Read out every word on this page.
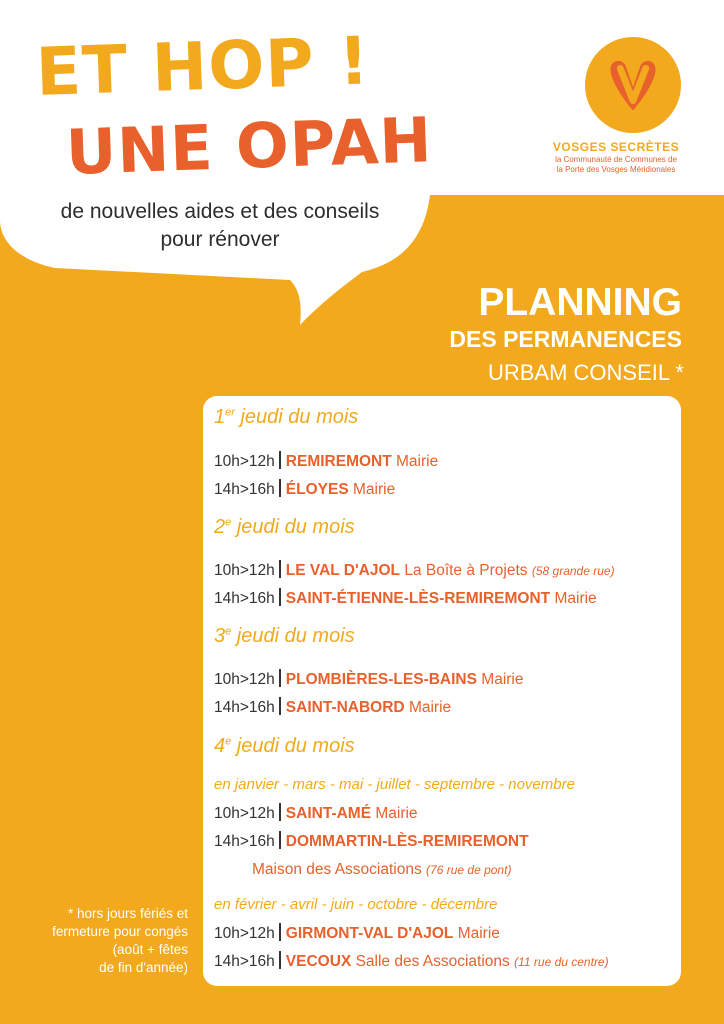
ET HOP !
UNE OPAH
de nouvelles aides et des conseils pour rénover
VOSGES SECRÈTES
la Communauté de Communes de
la Porte des Vosges Méridionales
PLANNING
DES PERMANENCES
URBAM CONSEIL *
1er jeudi du mois
10h>12h REMIREMONT Mairie
14h>16h ÉLOYES Mairie
2e jeudi du mois
10h>12h LE VAL D'AJOL La Boîte à Projets (58 grande rue)
14h>16h SAINT-ÉTIENNE-LÈS-REMIREMONT Mairie
3e jeudi du mois
10h>12h PLOMBIÈRES-LES-BAINS Mairie
14h>16h SAINT-NABORD Mairie
4e jeudi du mois
en janvier - mars - mai - juillet - septembre - novembre
10h>12h SAINT-AMÉ Mairie
14h>16h DOMMARTIN-LÈS-REMIREMONT
Maison des Associations (76 rue de pont)
en février - avril - juin - octobre - décembre
10h>12h GIRMONT-VAL D'AJOL Mairie
14h>16h VECOUX Salle des Associations (11 rue du centre)
* hors jours fériés et
fermeture pour congés
(août + fêtes
de fin d'année)
